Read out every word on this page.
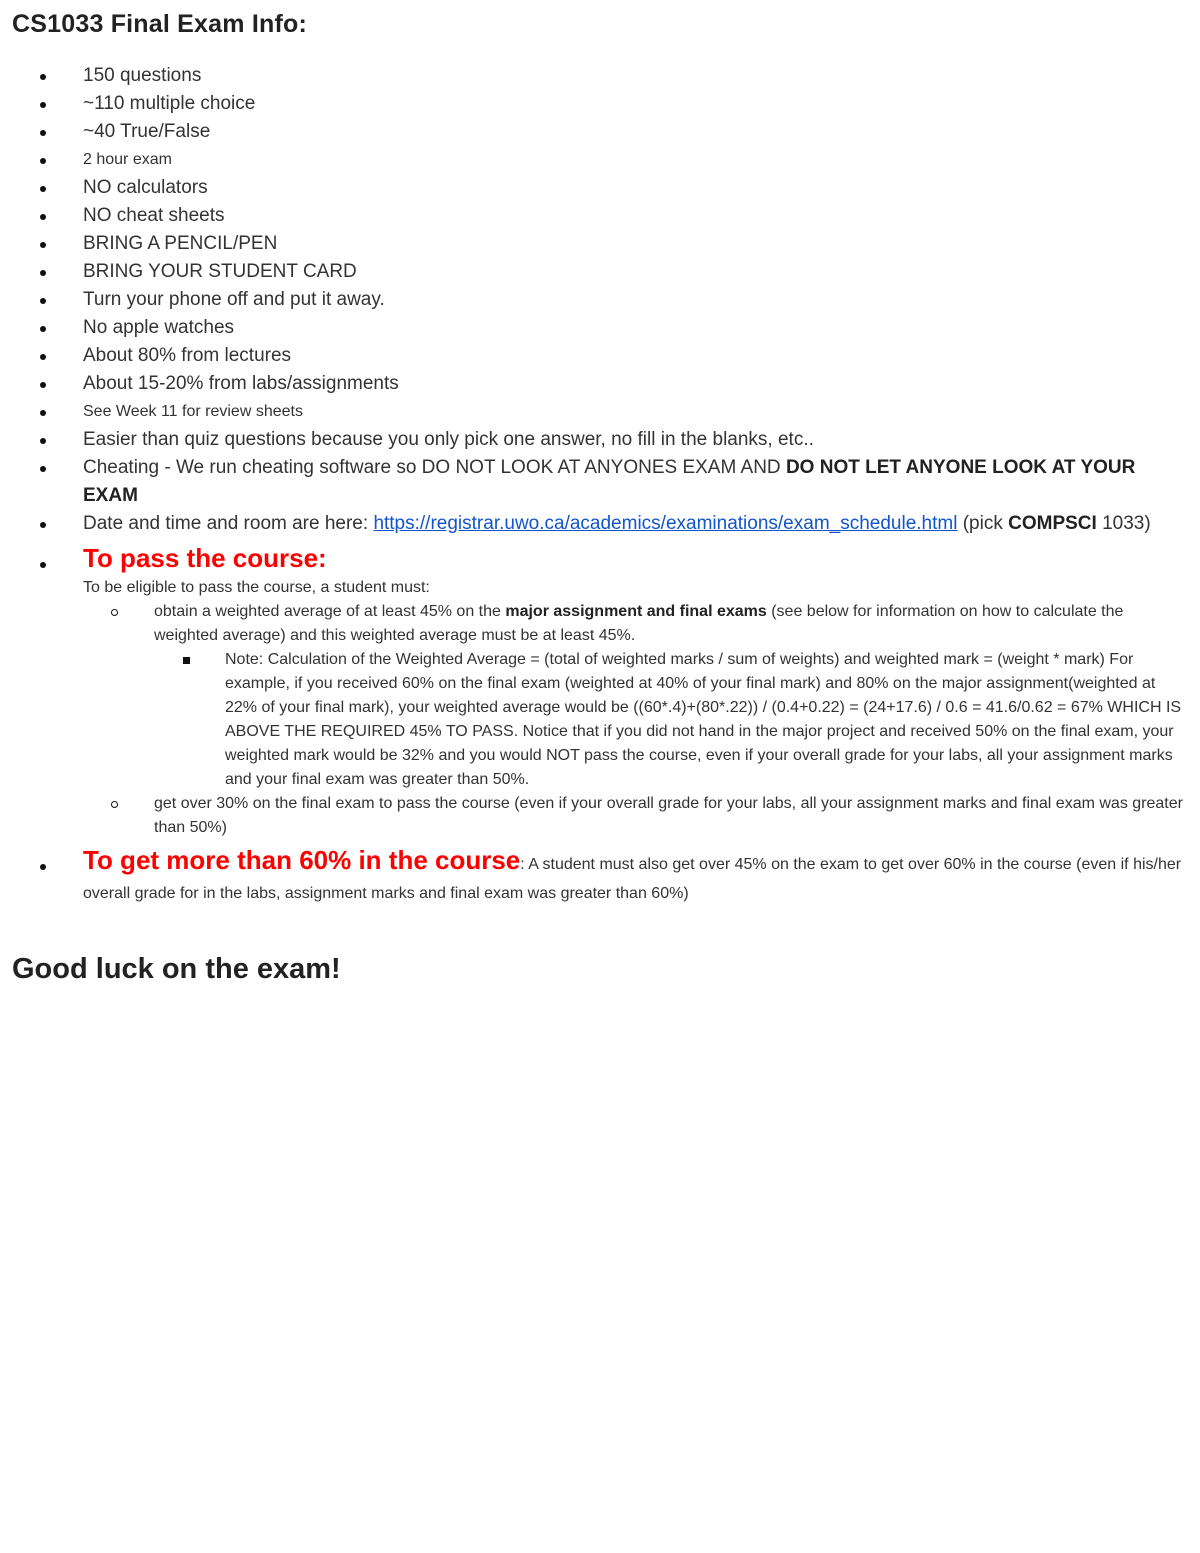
CS1033 Final Exam Info:
150 questions
~110 multiple choice
~40 True/False
2 hour exam
NO calculators
NO cheat sheets
BRING A PENCIL/PEN
BRING YOUR STUDENT CARD
Turn your phone off and put it away.
No apple watches
About 80% from lectures
About 15-20% from labs/assignments
See Week 11 for review sheets
Easier than quiz questions because you only pick one answer, no fill in the blanks, etc..
Cheating - We run cheating software so DO NOT LOOK AT ANYONES EXAM AND DO NOT LET ANYONE LOOK AT YOUR EXAM
Date and time and room are here: https://registrar.uwo.ca/academics/examinations/exam_schedule.html (pick COMPSCI 1033)
To pass the course:
To be eligible to pass the course, a student must:
obtain a weighted average of at least 45% on the major assignment and final exams (see below for information on how to calculate the weighted average) and this weighted average must be at least 45%.
Note: Calculation of the Weighted Average = (total of weighted marks / sum of weights) and weighted mark = (weight * mark) For example, if you received 60% on the final exam (weighted at 40% of your final mark) and 80% on the major assignment(weighted at 22% of your final mark), your weighted average would be ((60*.4)+(80*.22)) / (0.4+0.22) = (24+17.6) / 0.6 = 41.6/0.62 = 67% WHICH IS ABOVE THE REQUIRED 45% TO PASS. Notice that if you did not hand in the major project and received 50% on the final exam, your weighted mark would be 32% and you would NOT pass the course, even if your overall grade for your labs, all your assignment marks and your final exam was greater than 50%.
get over 30% on the final exam to pass the course (even if your overall grade for your labs, all your assignment marks and final exam was greater than 50%)
To get more than 60% in the course: A student must also get over 45% on the exam to get over 60% in the course (even if his/her overall grade for in the labs, assignment marks and final exam was greater than 60%)
Good luck on the exam!
